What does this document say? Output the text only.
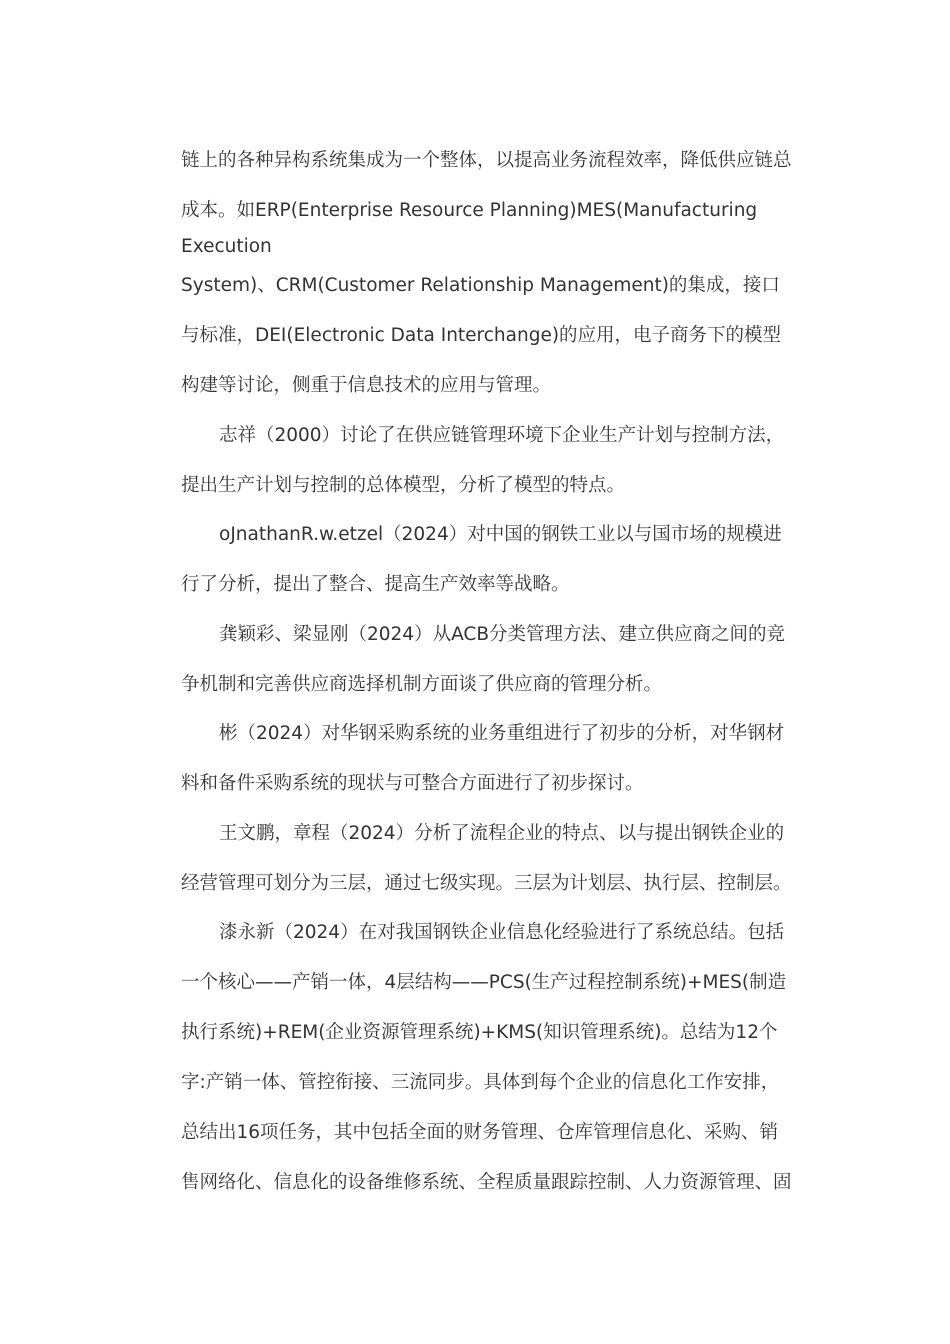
链上的各种异构系统集成为一个整体，以提高业务流程效率，降低供应链总
成本。如ERP(Enterprise Resource Planning)MES(Manufacturing
Execution
System)、CRM(Customer Relationship Management)的集成，接口
与标准，DEI(Electronic Data Interchange)的应用，电子商务下的模型
构建等讨论，侧重于信息技术的应用与管理。
志祥（2000）讨论了在供应链管理环境下企业生产计划与控制方法，
提出生产计划与控制的总体模型，分析了模型的特点。
oJnathanR.w.etzel（2024）对中国的钢铁工业以与国市场的规模进
行了分析，提出了整合、提高生产效率等战略。
龚颖彩、梁显刚（2024）从ACB分类管理方法、建立供应商之间的竞
争机制和完善供应商选择机制方面谈了供应商的管理分析。
彬（2024）对华钢采购系统的业务重组进行了初步的分析，对华钢材
料和备件采购系统的现状与可整合方面进行了初步探讨。
王文鹏，章程（2024）分析了流程企业的特点、以与提出钢铁企业的
经营管理可划分为三层，通过七级实现。三层为计划层、执行层、控制层。
漆永新（2024）在对我国钢铁企业信息化经验进行了系统总结。包括
一个核心——产销一体，4层结构——PCS(生产过程控制系统)+MES(制造
执行系统)+REM(企业资源管理系统)+KMS(知识管理系统)。总结为12个
字:产销一体、管控衔接、三流同步。具体到每个企业的信息化工作安排，
总结出16项任务，其中包括全面的财务管理、仓库管理信息化、采购、销
售网络化、信息化的设备维修系统、全程质量跟踪控制、人力资源管理、固
